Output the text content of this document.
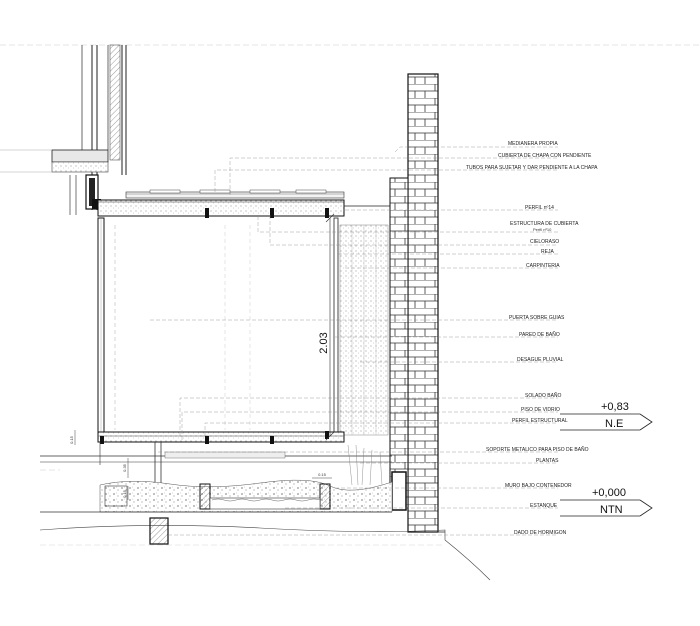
2.03
0.15
0.35
0.15
0.15
+0,83
N.E
+0,000
NTN
MEDIANERA PROPIA
CUBIERTA DE CHAPA CON PENDIENTE
TUBOS PARA SUJETAR Y DAR PENDIENTE A LA CHAPA
PERFIL nº14
ESTRUCTURA DE CUBIERTA
Perfil nº10
CIELORASO
REJA
CARPINTERIA
PUERTA SOBRE GUIAS
PARED DE BAÑO
DESAGUE PLUVIAL
SOLADO BAÑO
PISO DE VIDRIO
PERFIL ESTRUCTURAL
SOPORTE METALICO PARA PISO DE BAÑO
PLANTAS
MURO BAJO CONTENEDOR
ESTANQUE
DADO DE HORMIGON
